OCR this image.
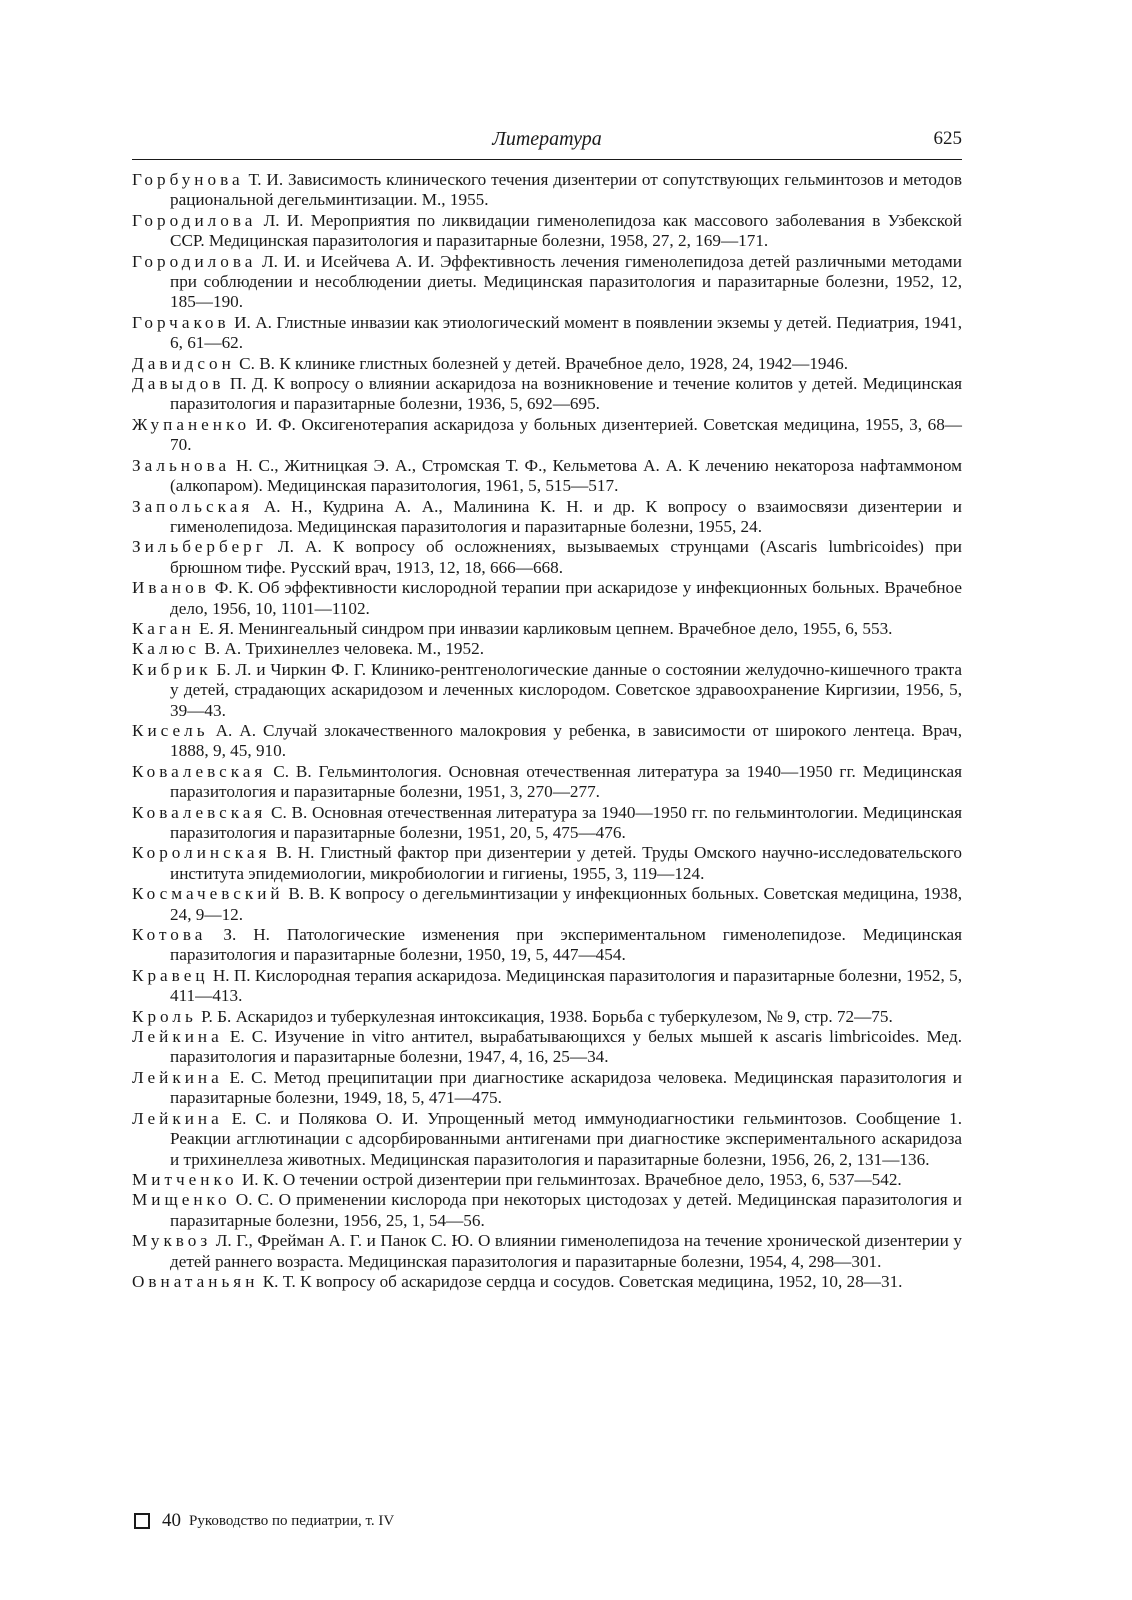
Литература	625

Горбунова Т. И. Зависимость клинического течения дизентерии от сопутствующих гельминтозов и методов рациональной дегельминтизации. М., 1955.

Городилова Л. И. Мероприятия по ликвидации гименолепидоза как массового заболевания в Узбекской ССР. Медицинская паразитология и паразитарные болезни, 1958, 27, 2, 169—171.

Городилова Л. И. и Исейчева А. И. Эффективность лечения гименолепидоза детей различными методами при соблюдении и несоблюдении диеты. Медицинская паразитология и паразитарные болезни, 1952, 12, 185—190.

Горчаков И. А. Глистные инвазии как этиологический момент в появлении экземы у детей. Педиатрия, 1941, 6, 61—62.

Давидсон С. В. К клинике глистных болезней у детей. Врачебное дело, 1928, 24, 1942—1946.

Давыдов П. Д. К вопросу о влиянии аскаридоза на возникновение и течение колитов у детей. Медицинская паразитология и паразитарные болезни, 1936, 5, 692—695.

Жупаненко И. Ф. Оксигенотерапия аскаридоза у больных дизентерией. Советская медицина, 1955, 3, 68—70.

Зальнова Н. С., Житницкая Э. А., Стромская Т. Ф., Кельметова А. А. К лечению некатороза нафтаммоном (алкопаром). Медицинская паразитология, 1961, 5, 515—517.

Запольская А. Н., Кудрина А. А., Малинина К. Н. и др. К вопросу о взаимосвязи дизентерии и гименолепидоза. Медицинская паразитология и паразитарные болезни, 1955, 24.

Зильберберг Л. А. К вопросу об осложнениях, вызываемых струнцами (Ascaris lumbricoides) при брюшном тифе. Русский врач, 1913, 12, 18, 666—668.

Иванов Ф. К. Об эффективности кислородной терапии при аскаридозе у инфекционных больных. Врачебное дело, 1956, 10, 1101—1102.

Каган Е. Я. Менингеальный синдром при инвазии карликовым цепнем. Врачебное дело, 1955, 6, 553.

Калюс В. А. Трихинеллез человека. М., 1952.

Кибрик Б. Л. и Чиркин Ф. Г. Клинико-рентгенологические данные о состоянии желудочно-кишечного тракта у детей, страдающих аскаридозом и леченных кислородом. Советское здравоохранение Киргизии, 1956, 5, 39—43.

Кисель А. А. Случай злокачественного малокровия у ребенка, в зависимости от широкого лентеца. Врач, 1888, 9, 45, 910.

Ковалевская С. В. Гельминтология. Основная отечественная литература за 1940—1950 гг. Медицинская паразитология и паразитарные болезни, 1951, 3, 270—277.

Ковалевская С. В. Основная отечественная литература за 1940—1950 гг. по гельминтологии. Медицинская паразитология и паразитарные болезни, 1951, 20, 5, 475—476.

Королинская В. Н. Глистный фактор при дизентерии у детей. Труды Омского научно-исследовательского института эпидемиологии, микробиологии и гигиены, 1955, 3, 119—124.

Космачевский В. В. К вопросу о дегельминтизации у инфекционных больных. Советская медицина, 1938, 24, 9—12.

Котова З. Н. Патологические изменения при экспериментальном гименолепидозе. Медицинская паразитология и паразитарные болезни, 1950, 19, 5, 447—454.

Кравец Н. П. Кислородная терапия аскаридоза. Медицинская паразитология и паразитарные болезни, 1952, 5, 411—413.

Кроль Р. Б. Аскаридоз и туберкулезная интоксикация, 1938. Борьба с туберкулезом, № 9, стр. 72—75.

Лейкина Е. С. Изучение in vitro антител, вырабатывающихся у белых мышей к ascaris limbricoides. Мед. паразитология и паразитарные болезни, 1947, 4, 16, 25—34.

Лейкина Е. С. Метод преципитации при диагностике аскаридоза человека. Медицинская паразитология и паразитарные болезни, 1949, 18, 5, 471—475.

Лейкина Е. С. и Полякова О. И. Упрощенный метод иммунодиагностики гельминтозов. Сообщение 1. Реакции агглютинации с адсорбированными антигенами при диагностике экспериментального аскаридоза и трихинеллеза животных. Медицинская паразитология и паразитарные болезни, 1956, 26, 2, 131—136.

Митченко И. К. О течении острой дизентерии при гельминтозах. Врачебное дело, 1953, 6, 537—542.

Мищенко О. С. О применении кислорода при некоторых цистодозах у детей. Медицинская паразитология и паразитарные болезни, 1956, 25, 1, 54—56.

Муквоз Л. Г., Фрейман А. Г. и Панок С. Ю. О влиянии гименолепидоза на течение хронической дизентерии у детей раннего возраста. Медицинская паразитология и паразитарные болезни, 1954, 4, 298—301.

Овнатаньян К. Т. К вопросу об аскаридозе сердца и сосудов. Советская медицина, 1952, 10, 28—31.

40 Руководство по педиатрии, т. IV
